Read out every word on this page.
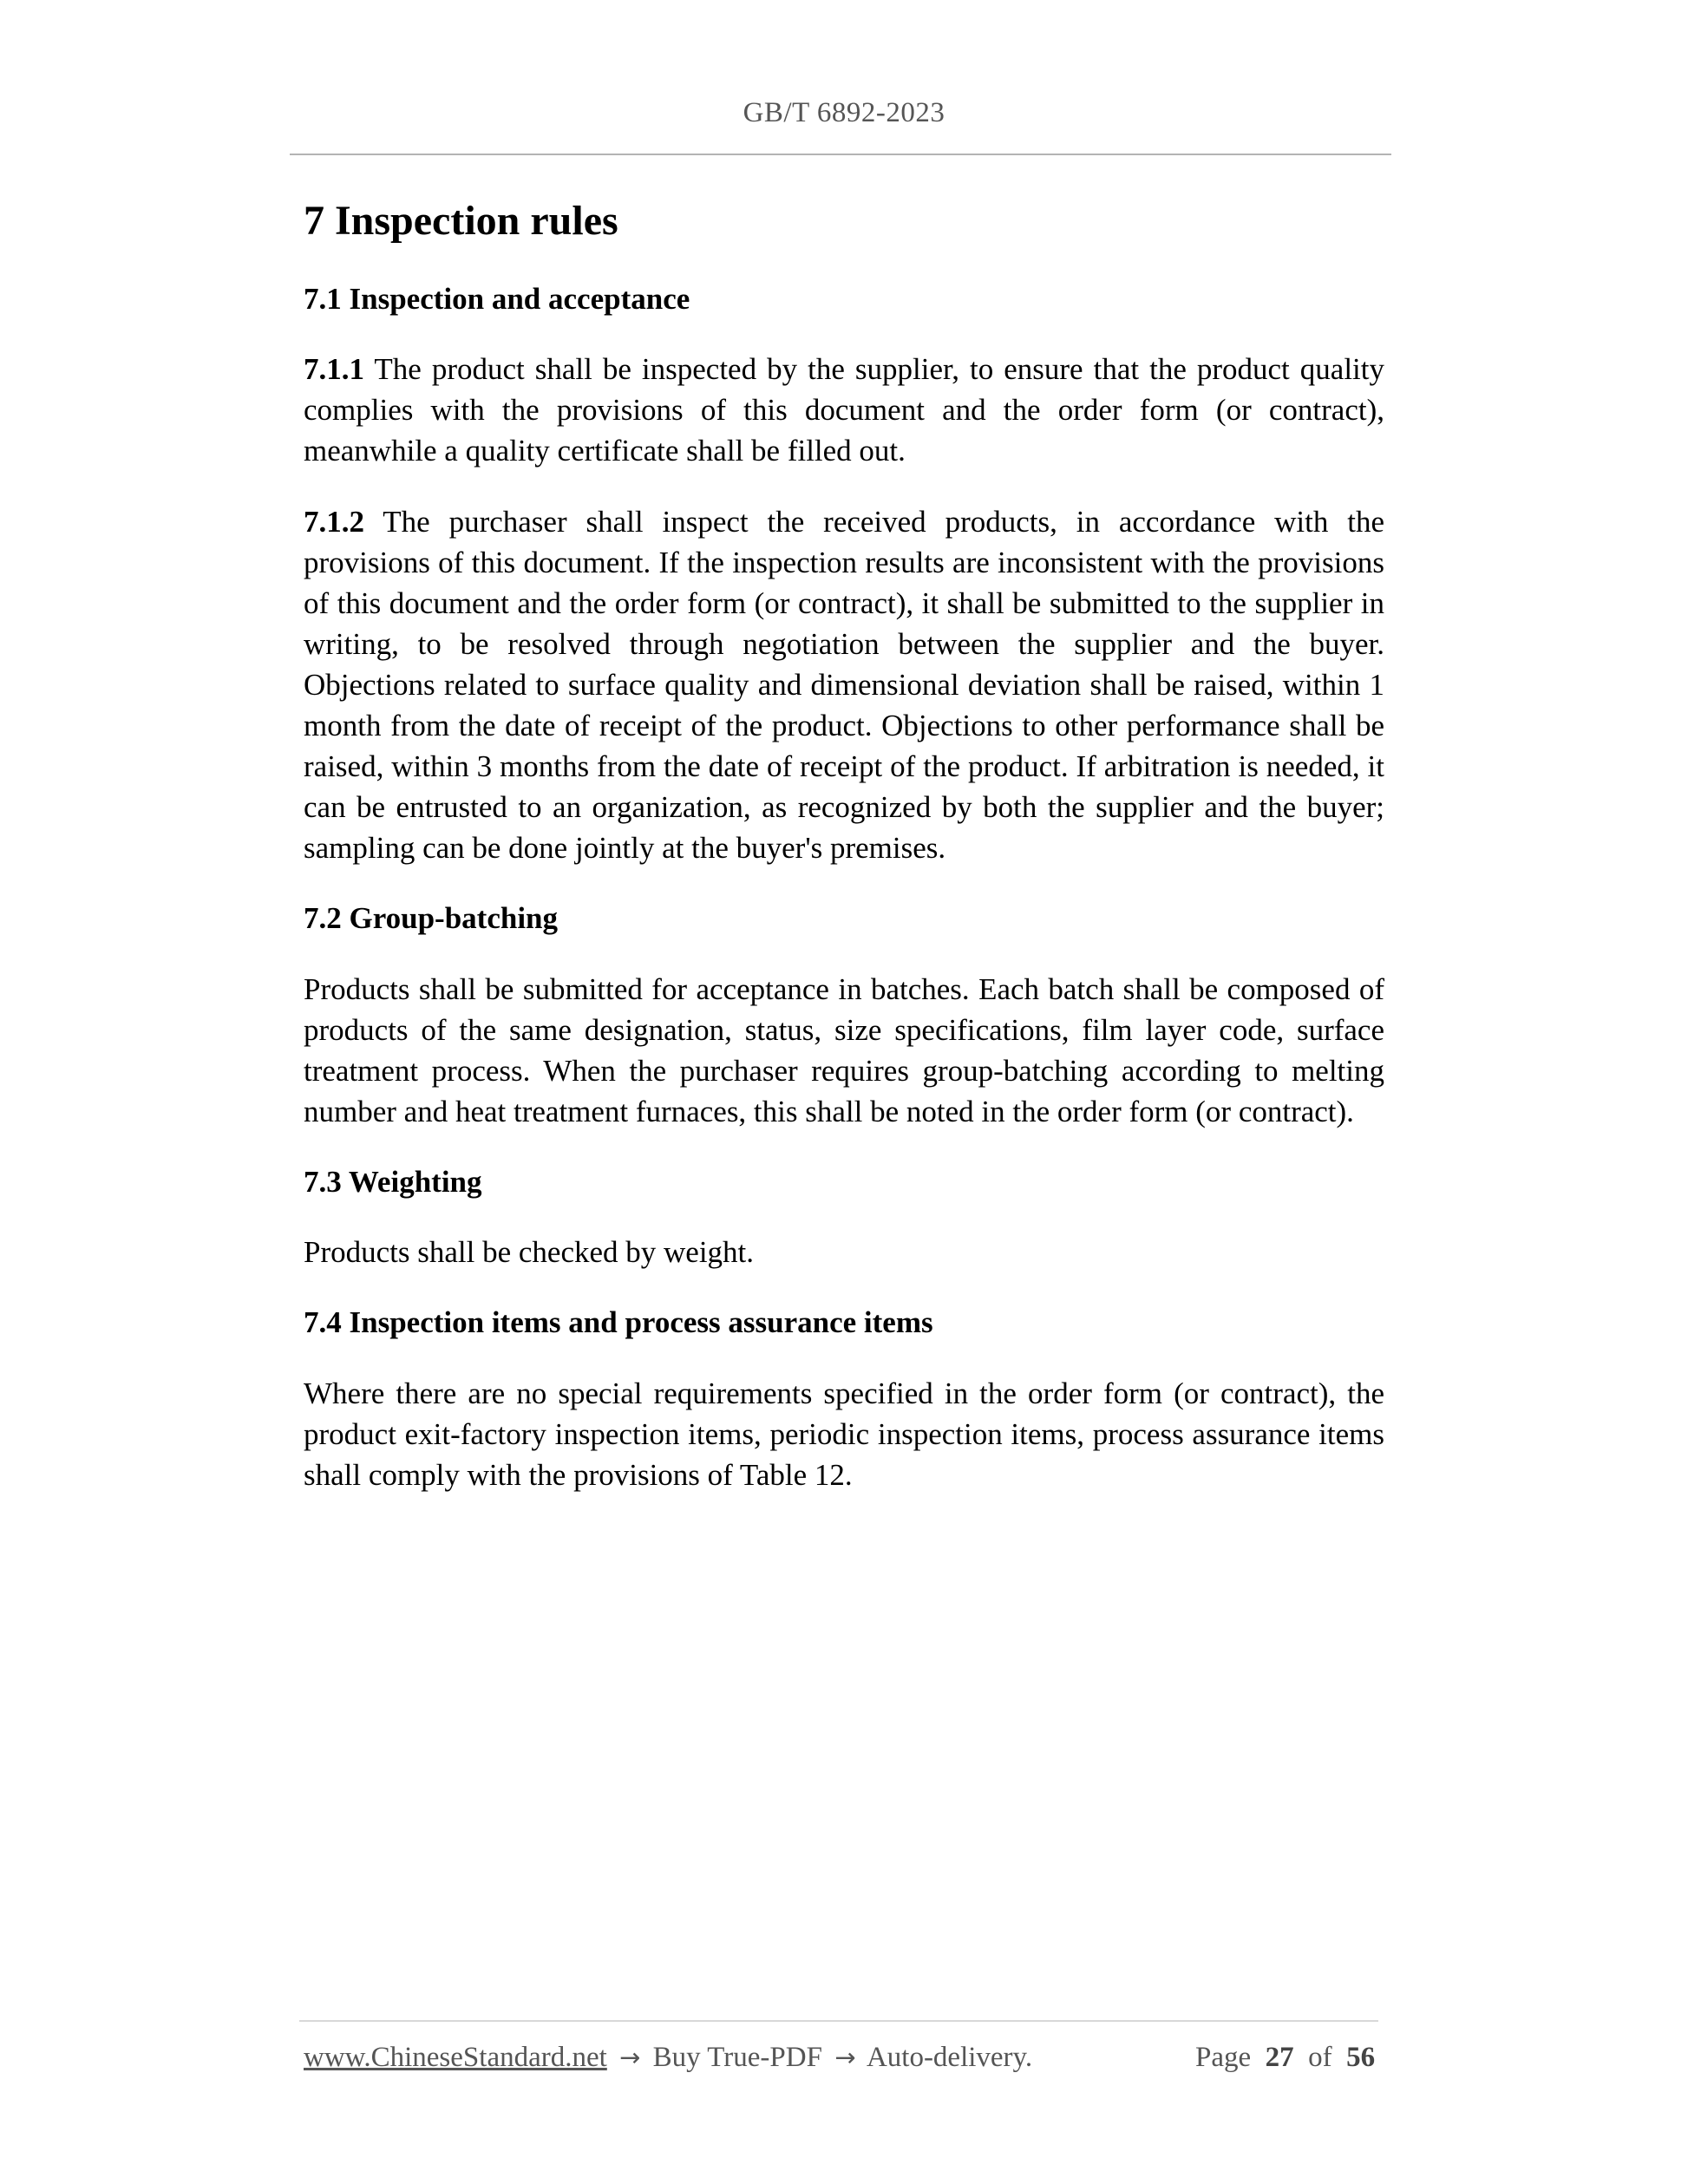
GB/T 6892-2023
7 Inspection rules
7.1 Inspection and acceptance

7.1.1 The product shall be inspected by the supplier, to ensure that the product quality complies with the provisions of this document and the order form (or contract), meanwhile a quality certificate shall be filled out.

7.1.2 The purchaser shall inspect the received products, in accordance with the provisions of this document. If the inspection results are inconsistent with the provisions of this document and the order form (or contract), it shall be submitted to the supplier in writing, to be resolved through negotiation between the supplier and the buyer. Objections related to surface quality and dimensional deviation shall be raised, within 1 month from the date of receipt of the product. Objections to other performance shall be raised, within 3 months from the date of receipt of the product. If arbitration is needed, it can be entrusted to an organization, as recognized by both the supplier and the buyer; sampling can be done jointly at the buyer's premises.

7.2 Group-batching

Products shall be submitted for acceptance in batches. Each batch shall be composed of products of the same designation, status, size specifications, film layer code, surface treatment process. When the purchaser requires group-batching according to melting number and heat treatment furnaces, this shall be noted in the order form (or contract).

7.3 Weighting

Products shall be checked by weight.

7.4 Inspection items and process assurance items

Where there are no special requirements specified in the order form (or contract), the product exit-factory inspection items, periodic inspection items, process assurance items shall comply with the provisions of Table 12.

www.ChineseStandard.net → Buy True-PDF → Auto-delivery.	Page 27 of 56
